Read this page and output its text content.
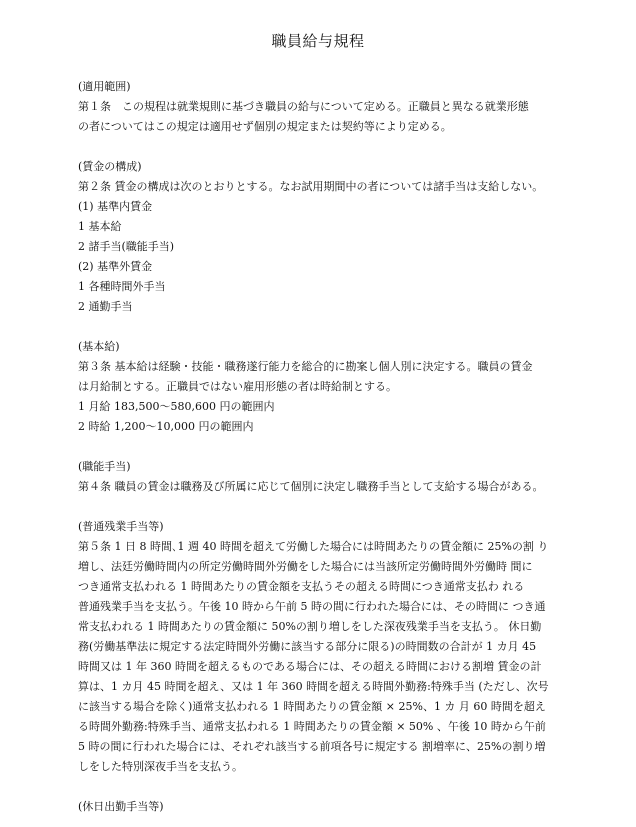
職員給与規程
(適用範囲)
第１条　この規程は就業規則に基づき職員の給与について定める。正職員と異なる就業形態
の者についてはこの規定は適用せず個別の規定または契約等により定める。
(賃金の構成)
第２条 賃金の構成は次のとおりとする。なお試用期間中の者については諸手当は支給しない。
(1) 基準内賃金
1 基本給
2 諸手当(職能手当)
(2) 基準外賃金
1 各種時間外手当
2 通勤手当
(基本給)
第３条 基本給は経験・技能・職務遂行能力を総合的に勘案し個人別に決定する。職員の賃金
は月給制とする。正職員ではない雇用形態の者は時給制とする。
1 月給 183,500～580,600 円の範囲内
2 時給 1,200～10,000 円の範囲内
(職能手当)
第４条 職員の賃金は職務及び所属に応じて個別に決定し職務手当として支給する場合がある。
(普通残業手当等)
第５条 1 日 8 時間､1 週 40 時間を超えて労働した場合には時間あたりの賃金額に 25%の割 り
増し、法廷労働時間内の所定労働時間外労働をした場合には当該所定労働時間外労働時 間に
つき通常支払われる 1 時間あたりの賃金額を支払うその超える時間につき通常支払わ れる
普通残業手当を支払う。午後 10 時から午前 5 時の間に行われた場合には、その時間に つき通
常支払われる 1 時間あたりの賃金額に 50%の割り増しをした深夜残業手当を支払う。 休日勤
務(労働基準法に規定する法定時間外労働に該当する部分に限る)の時間数の合計が 1 カ月 45
時間又は 1 年 360 時間を超えるものである場合には、その超える時間における割増 賃金の計
算は、1 カ月 45 時間を超え、又は 1 年 360 時間を超える時間外勤務:特殊手当 (ただし、次号
に該当する場合を除く)通常支払われる 1 時間あたりの賃金額 × 25%、1 カ 月 60 時間を超え
る時間外勤務:特殊手当、通常支払われる 1 時間あたりの賃金額 × 50% 、午後 10 時から午前
5 時の間に行われた場合には、それぞれ該当する前項各号に規定する 割増率に、25%の割り増
しをした特別深夜手当を支払う。
(休日出勤手当等)
